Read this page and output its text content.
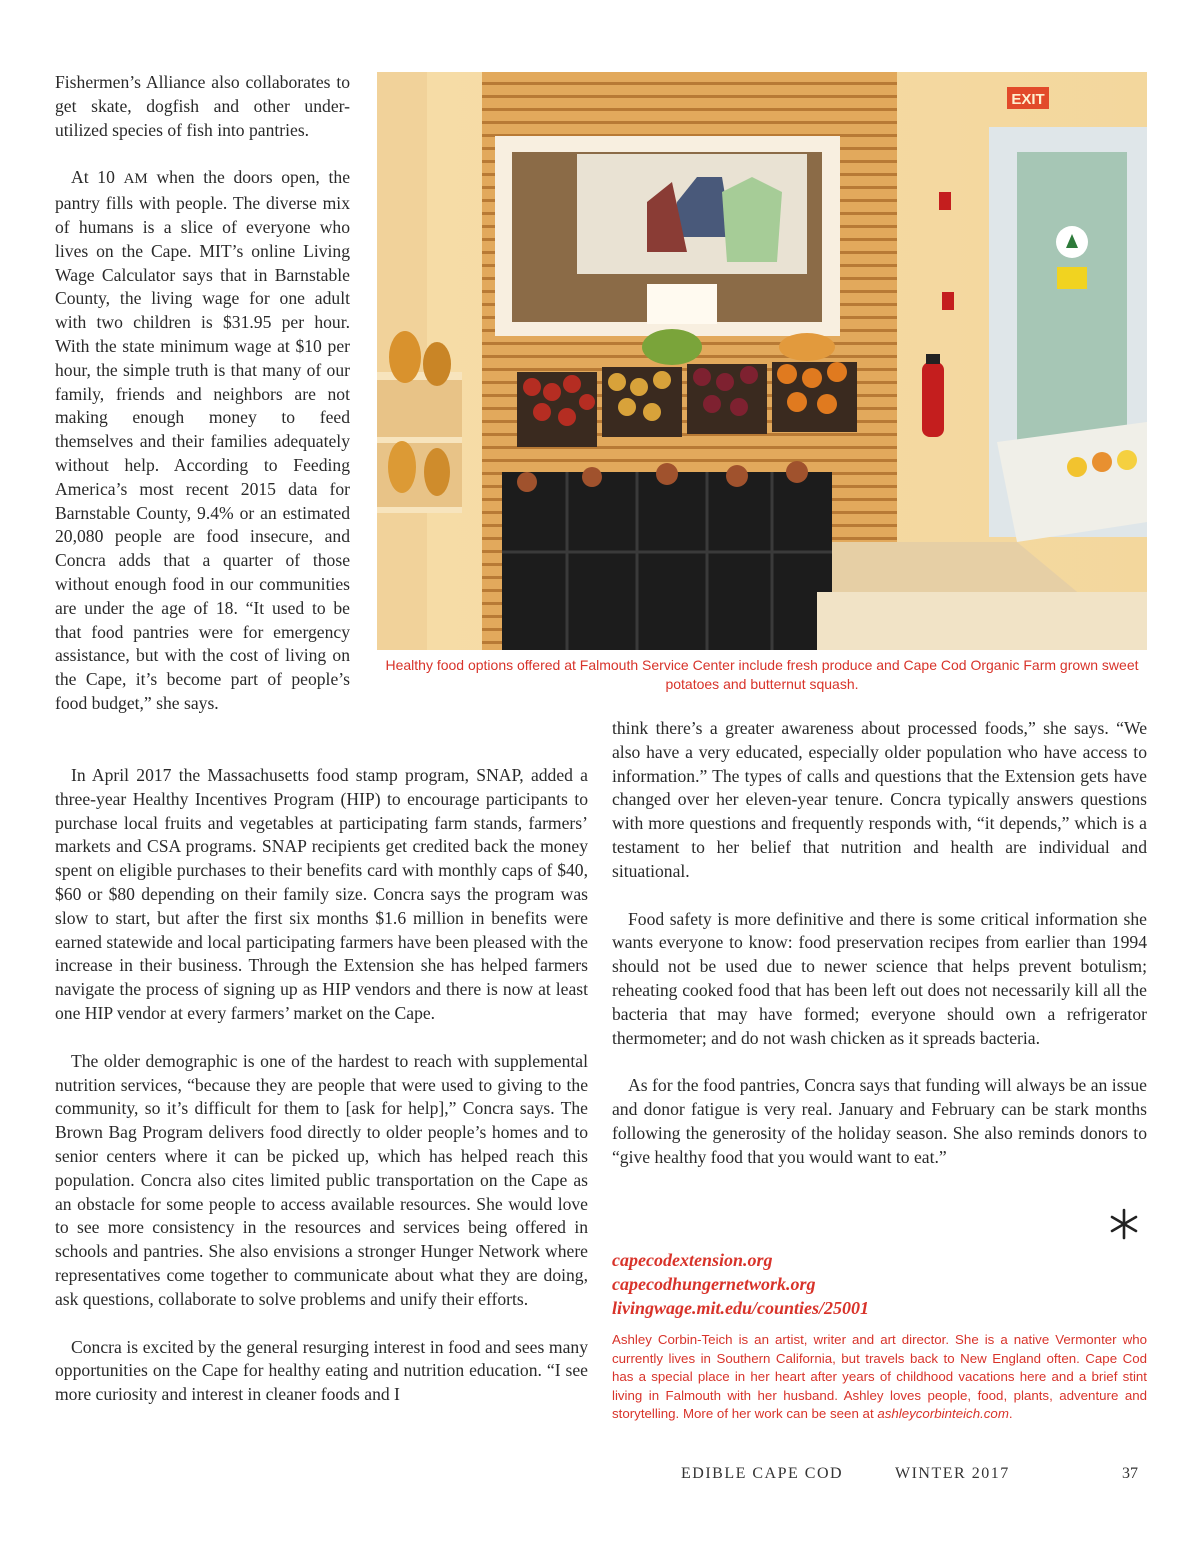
Fishermen’s Alliance also collaborates to get skate, dogfish and other under-utilized species of fish into pantries.

At 10 AM when the doors open, the pantry fills with people. The diverse mix of humans is a slice of everyone who lives on the Cape. MIT’s online Living Wage Calculator says that in Barnstable County, the living wage for one adult with two children is $31.95 per hour. With the state minimum wage at $10 per hour, the simple truth is that many of our family, friends and neighbors are not making enough money to feed themselves and their families adequately without help. According to Feeding America’s most recent 2015 data for Barnstable County, 9.4% or an estimated 20,080 people are food insecure, and Concra adds that a quarter of those without enough food in our communities are under the age of 18. “It used to be that food pantries were for emergency assistance, but with the cost of living on the Cape, it’s become part of people’s food budget,” she says.

EXIT
Healthy food options offered at Falmouth Service Center include fresh produce and Cape Cod Organic Farm grown sweet potatoes and butternut squash.

In April 2017 the Massachusetts food stamp program, SNAP, added a three-year Healthy Incentives Program (HIP) to encourage participants to purchase local fruits and vegetables at participating farm stands, farmers’ markets and CSA programs. SNAP recipients get credited back the money spent on eligible purchases to their benefits card with monthly caps of $40, $60 or $80 depending on their family size. Concra says the program was slow to start, but after the first six months $1.6 million in benefits were earned statewide and local participating farmers have been pleased with the increase in their business. Through the Extension she has helped farmers navigate the process of signing up as HIP vendors and there is now at least one HIP vendor at every farmers’ market on the Cape.

The older demographic is one of the hardest to reach with supplemental nutrition services, “because they are people that were used to giving to the community, so it’s difficult for them to [ask for help],” Concra says. The Brown Bag Program delivers food directly to older people’s homes and to senior centers where it can be picked up, which has helped reach this population. Concra also cites limited public transportation on the Cape as an obstacle for some people to access available resources. She would love to see more consistency in the resources and services being offered in schools and pantries. She also envisions a stronger Hunger Network where representatives come together to communicate about what they are doing, ask questions, collaborate to solve problems and unify their efforts.

Concra is excited by the general resurging interest in food and sees many opportunities on the Cape for healthy eating and nutrition education. “I see more curiosity and interest in cleaner foods and I

think there’s a greater awareness about processed foods,” she says. “We also have a very educated, especially older population who have access to information.” The types of calls and questions that the Extension gets have changed over her eleven-year tenure. Concra typically answers questions with more questions and frequently responds with, “it depends,” which is a testament to her belief that nutrition and health are individual and situational.

Food safety is more definitive and there is some critical information she wants everyone to know: food preservation recipes from earlier than 1994 should not be used due to newer science that helps prevent botulism; reheating cooked food that has been left out does not necessarily kill all the bacteria that may have formed; everyone should own a refrigerator thermometer; and do not wash chicken as it spreads bacteria.

As for the food pantries, Concra says that funding will always be an issue and donor fatigue is very real. January and February can be stark months following the generosity of the holiday season. She also reminds donors to “give healthy food that you would want to eat.”

capecodextension.org
capecodhungernetwork.org
livingwage.mit.edu/counties/25001
Ashley Corbin-Teich is an artist, writer and art director. She is a native Vermonter who currently lives in Southern California, but travels back to New England often. Cape Cod has a special place in her heart after years of childhood vacations here and a brief stint living in Falmouth with her husband. Ashley loves people, food, plants, adventure and storytelling. More of her work can be seen at ashleycorbinteich.com.
EDIBLE CAPE COD	WINTER 2017	37
